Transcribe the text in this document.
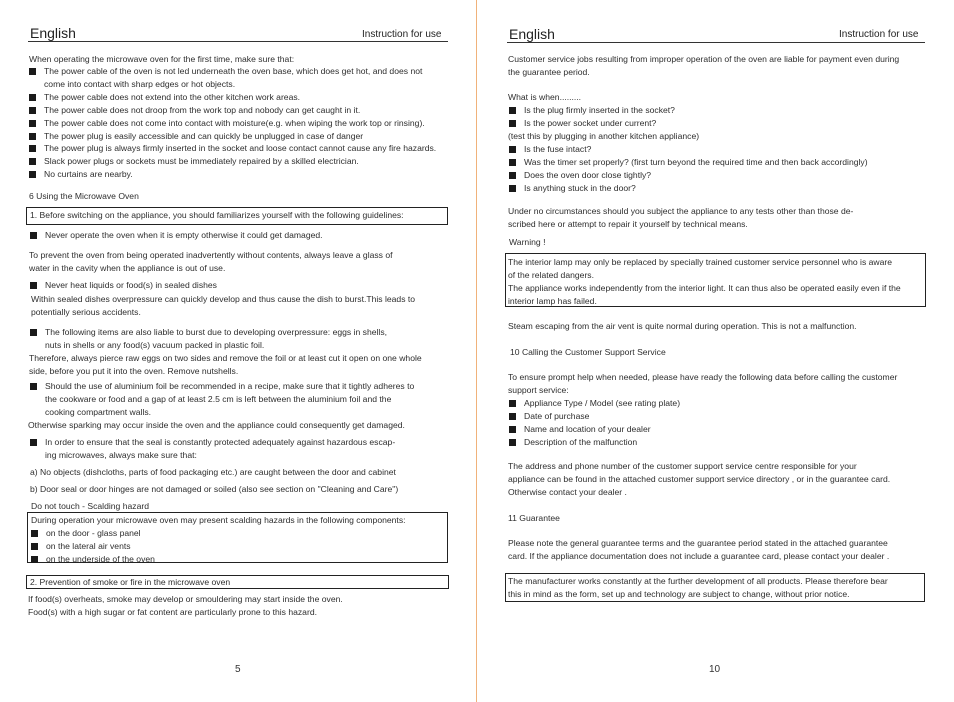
English	Instruction for use
When operating the microwave oven for the first time, make sure that:
The power cable of the oven is not led underneath the oven base, which does get hot, and does not
come into contact with sharp edges or hot objects.
The power cable does not extend into the other kitchen work areas.
The power cable does not droop from the work top and nobody can get caught in it.
The power cable does not come into contact with moisture(e.g. when wiping the work top or rinsing).
The power plug is easily accessible and can quickly be unplugged in case of danger
The power plug is always firmly inserted in the socket and loose contact cannot cause any fire hazards.
Slack power plugs or sockets must be immediately repaired by a skilled electrician.
No curtains are nearby.
6 Using the Microwave Oven
1. Before switching on the appliance, you should familiarizes yourself with the following guidelines:
Never operate the oven when it is empty otherwise it could get damaged.
To prevent the oven from being operated inadvertently without contents, always leave a glass of
water in the cavity when the appliance is out of use.
Never heat liquids or food(s) in sealed dishes
Within sealed dishes overpressure can quickly develop and thus cause the dish to burst.This leads to
potentially serious accidents.
The following items are also liable to burst due to developing overpressure: eggs in shells,
nuts in shells or any food(s) vacuum packed in plastic foil.
Therefore, always pierce raw eggs on two sides and remove the foil or at least cut it open on one whole
side, before you put it into the oven. Remove nutshells.
Should the use of aluminium foil be recommended in a recipe, make sure that it tightly adheres to
the cookware or food and a gap of at least 2.5 cm is left between the aluminium foil and the
cooking compartment walls.
Otherwise sparking may occur inside the oven and the appliance could consequently get damaged.
In order to ensure that the seal is constantly protected adequately against hazardous escap-
ing microwaves, always make sure that:
a) No objects (dishcloths, parts of food packaging etc.) are caught between the door and cabinet
b) Door seal or door hinges are not damaged or soiled (also see section on "Cleaning and Care")
Do not touch - Scalding hazard
During operation your microwave oven may present scalding hazards in the following components:
on the door - glass panel
on the lateral air vents
on the underside of the oven
2. Prevention of smoke or fire in the microwave oven
If food(s) overheats, smoke may develop or smouldering may start inside the oven.
Food(s) with a high sugar or fat content are particularly prone to this hazard.
5
English	Instruction for use
Customer service jobs resulting from improper operation of the oven are liable for payment even during
the guarantee period.
What is when.........
Is the plug firmly inserted in the socket?
Is the power socket under current?
(test this by plugging in another kitchen appliance)
Is the fuse intact?
Was the timer set properly? (first turn beyond the required time and then back accordingly)
Does the oven door close tightly?
Is anything stuck in the door?
Under no circumstances should you subject the appliance to any tests other than those de-
scribed here or attempt to repair it yourself by technical means.
Warning !
The interior lamp may only be replaced by specially trained customer service personnel who is aware
of the related dangers.
The appliance works independently from the interior light. It can thus also be operated easily even if the
interior lamp has failed.
Steam escaping from the air vent is quite normal during operation. This is not a malfunction.
10 Calling the Customer Support Service
To ensure prompt help when needed, please have ready the following data before calling the customer
support service:
Appliance Type / Model (see rating plate)
Date of purchase
Name and location of your dealer
Description of the malfunction
The address and phone number of the customer support service centre responsible for your
appliance can be found in the attached customer support service directory , or in the guarantee card.
Otherwise contact your dealer .
11 Guarantee
Please note the general guarantee terms and the guarantee period stated in the attached guarantee
card. If the appliance documentation does not include a guarantee card, please contact your dealer .
The manufacturer works constantly at the further development of all products. Please therefore bear
this in mind as the form, set up and technology are subject to change, without prior notice.
10
